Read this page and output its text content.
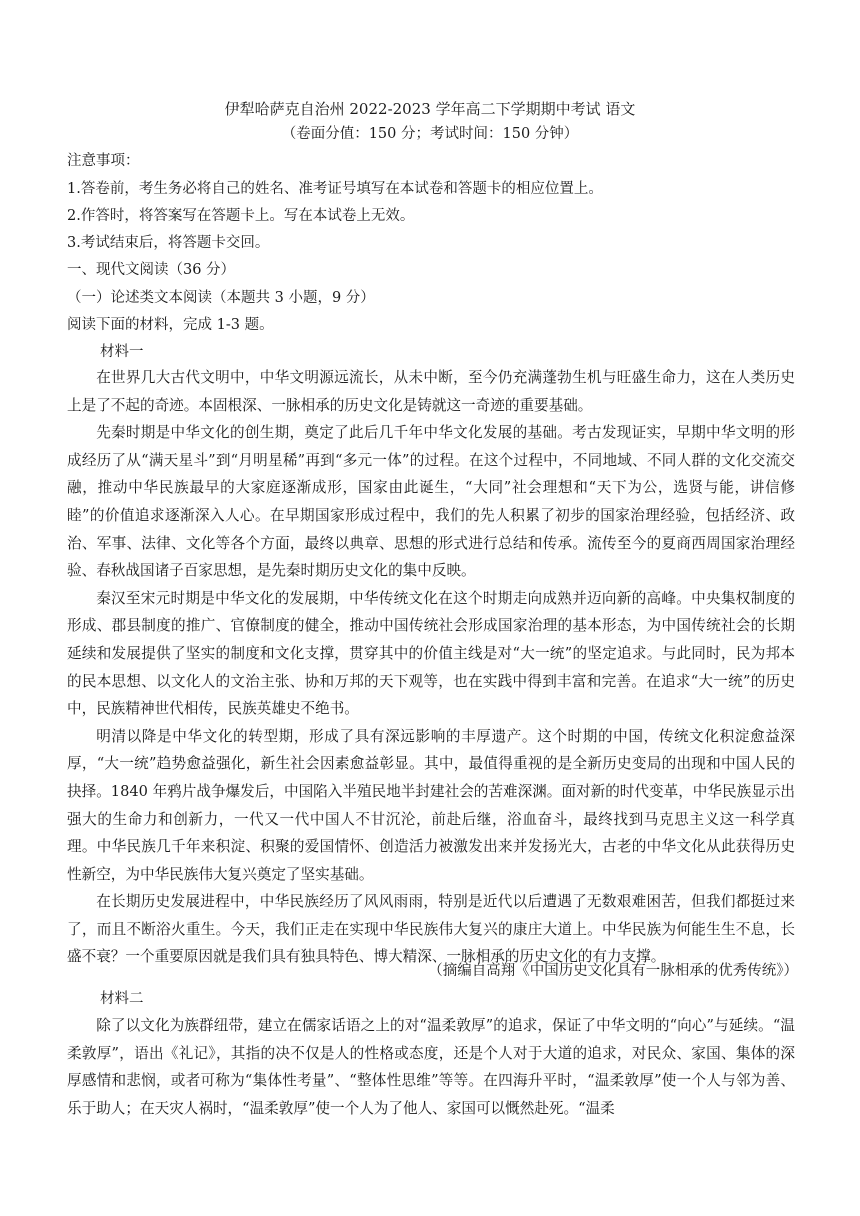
伊犁哈萨克自治州 2022-2023 学年高二下学期期中考试 语文
（卷面分值：150 分；考试时间：150 分钟）
注意事项：
1.答卷前，考生务必将自己的姓名、准考证号填写在本试卷和答题卡的相应位置上。
2.作答时，将答案写在答题卡上。写在本试卷上无效。
3.考试结束后，将答题卡交回。
一、现代文阅读（36 分）
（一）论述类文本阅读（本题共 3 小题，9 分）
阅读下面的材料，完成 1-3 题。
材料一

在世界几大古代文明中，中华文明源远流长，从未中断，至今仍充满蓬勃生机与旺盛生命力，这在人类历史上是了不起的奇迹。本固根深、一脉相承的历史文化是铸就这一奇迹的重要基础。

先秦时期是中华文化的创生期，奠定了此后几千年中华文化发展的基础。考古发现证实，早期中华文明的形成经历了从“满天星斗”到“月明星稀”再到“多元一体”的过程。在这个过程中，不同地域、不同人群的文化交流交融，推动中华民族最早的大家庭逐渐成形，国家由此诞生，“大同”社会理想和“天下为公，选贤与能，讲信修睦”的价值追求逐渐深入人心。在早期国家形成过程中，我们的先人积累了初步的国家治理经验，包括经济、政治、军事、法律、文化等各个方面，最终以典章、思想的形式进行总结和传承。流传至今的夏商西周国家治理经验、春秋战国诸子百家思想，是先秦时期历史文化的集中反映。

秦汉至宋元时期是中华文化的发展期，中华传统文化在这个时期走向成熟并迈向新的高峰。中央集权制度的形成、郡县制度的推广、官僚制度的健全，推动中国传统社会形成国家治理的基本形态，为中国传统社会的长期延续和发展提供了坚实的制度和文化支撑，贯穿其中的价值主线是对“大一统”的坚定追求。与此同时，民为邦本的民本思想、以文化人的文治主张、协和万邦的天下观等，也在实践中得到丰富和完善。在追求“大一统”的历史中，民族精神世代相传，民族英雄史不绝书。

明清以降是中华文化的转型期，形成了具有深远影响的丰厚遗产。这个时期的中国，传统文化积淀愈益深厚，“大一统”趋势愈益强化，新生社会因素愈益彰显。其中，最值得重视的是全新历史变局的出现和中国人民的抉择。1840 年鸦片战争爆发后，中国陷入半殖民地半封建社会的苦难深渊。面对新的时代变革，中华民族显示出强大的生命力和创新力，一代又一代中国人不甘沉沦，前赴后继，浴血奋斗，最终找到马克思主义这一科学真理。中华民族几千年来积淀、积聚的爱国情怀、创造活力被激发出来并发扬光大，古老的中华文化从此获得历史性新空，为中华民族伟大复兴奠定了坚实基础。

在长期历史发展进程中，中华民族经历了风风雨雨，特别是近代以后遭遇了无数艰难困苦，但我们都挺过来了，而且不断浴火重生。今天，我们正走在实现中华民族伟大复兴的康庄大道上。中华民族为何能生生不息，长盛不衰？一个重要原因就是我们具有独具特色、博大精深、一脉相承的历史文化的有力支撑。

（摘编自高翔《中国历史文化具有一脉相承的优秀传统》）
材料二

除了以文化为族群纽带，建立在儒家话语之上的对“温柔敦厚”的追求，保证了中华文明的“向心”与延续。“温柔敦厚”，语出《礼记》，其指的决不仅是人的性格或态度，还是个人对于大道的追求，对民众、家国、集体的深厚感情和悲悯，或者可称为“集体性考量”、“整体性思维”等等。在四海升平时，“温柔敦厚”使一个人与邻为善、乐于助人；在天灾人祸时，“温柔敦厚”使一个人为了他人、家国可以慨然赴死。“温柔
